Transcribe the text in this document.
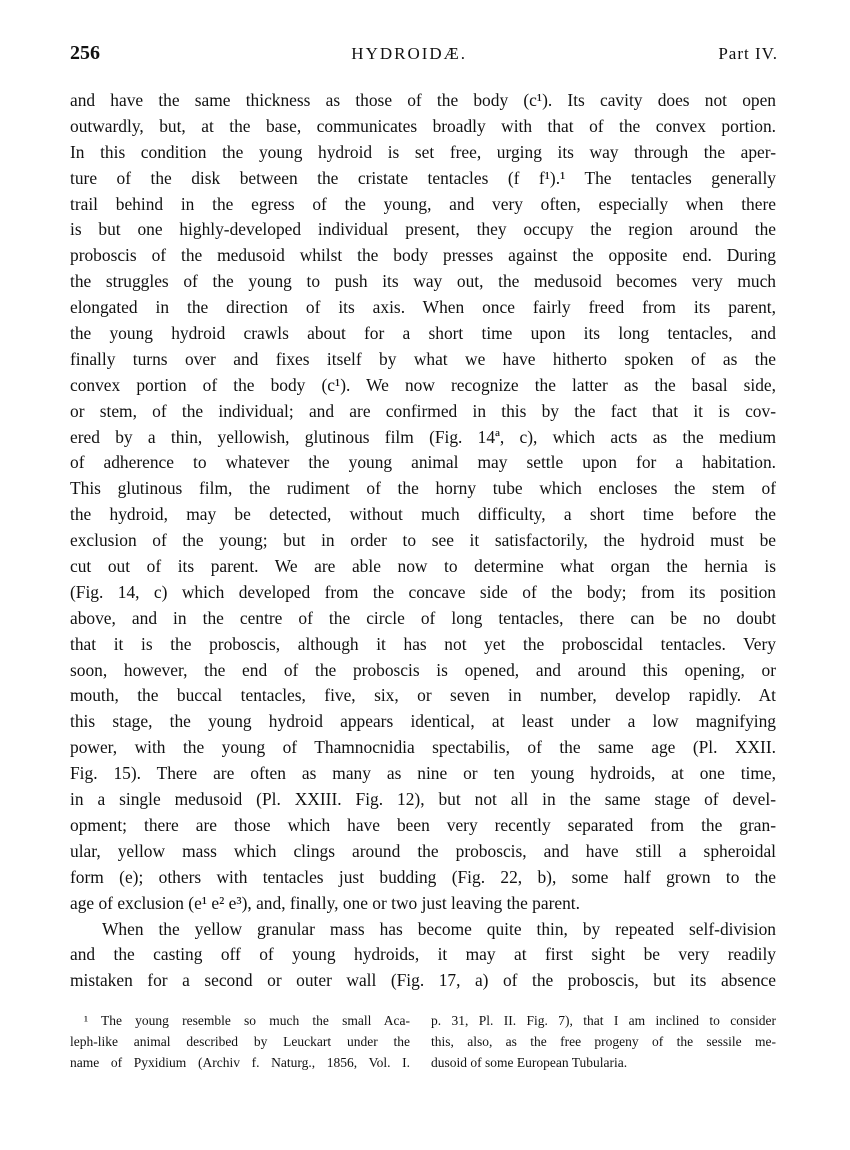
256	HYDROIDÆ.	Part IV.
and have the same thickness as those of the body (c¹). Its cavity does not open
outwardly, but, at the base, communicates broadly with that of the convex portion.
In this condition the young hydroid is set free, urging its way through the aper-
ture of the disk between the cristate tentacles (f f¹).¹ The tentacles generally
trail behind in the egress of the young, and very often, especially when there
is but one highly-developed individual present, they occupy the region around the
proboscis of the medusoid whilst the body presses against the opposite end. During
the struggles of the young to push its way out, the medusoid becomes very much
elongated in the direction of its axis. When once fairly freed from its parent,
the young hydroid crawls about for a short time upon its long tentacles, and
finally turns over and fixes itself by what we have hitherto spoken of as the
convex portion of the body (c¹). We now recognize the latter as the basal side,
or stem, of the individual; and are confirmed in this by the fact that it is cov-
ered by a thin, yellowish, glutinous film (Fig. 14ª, c), which acts as the medium
of adherence to whatever the young animal may settle upon for a habitation.
This glutinous film, the rudiment of the horny tube which encloses the stem of
the hydroid, may be detected, without much difficulty, a short time before the
exclusion of the young; but in order to see it satisfactorily, the hydroid must be
cut out of its parent. We are able now to determine what organ the hernia is
(Fig. 14, c) which developed from the concave side of the body; from its position
above, and in the centre of the circle of long tentacles, there can be no doubt
that it is the proboscis, although it has not yet the proboscidal tentacles. Very
soon, however, the end of the proboscis is opened, and around this opening, or
mouth, the buccal tentacles, five, six, or seven in number, develop rapidly. At
this stage, the young hydroid appears identical, at least under a low magnifying
power, with the young of Thamnocnidia spectabilis, of the same age (Pl. XXII.
Fig. 15). There are often as many as nine or ten young hydroids, at one time,
in a single medusoid (Pl. XXIII. Fig. 12), but not all in the same stage of devel-
opment; there are those which have been very recently separated from the gran-
ular, yellow mass which clings around the proboscis, and have still a spheroidal
form (e); others with tentacles just budding (Fig. 22, b), some half grown to the
age of exclusion (e¹ e² e³), and, finally, one or two just leaving the parent.
When the yellow granular mass has become quite thin, by repeated self-division
and the casting off of young hydroids, it may at first sight be very readily
mistaken for a second or outer wall (Fig. 17, a) of the proboscis, but its absence
¹ The young resemble so much the small Aca-
leph-like animal described by Leuckart under the
name of Pyxidium (Archiv f. Naturg., 1856, Vol. I.
p. 31, Pl. II. Fig. 7), that I am inclined to consider
this, also, as the free progeny of the sessile me-
dusoid of some European Tubularia.
